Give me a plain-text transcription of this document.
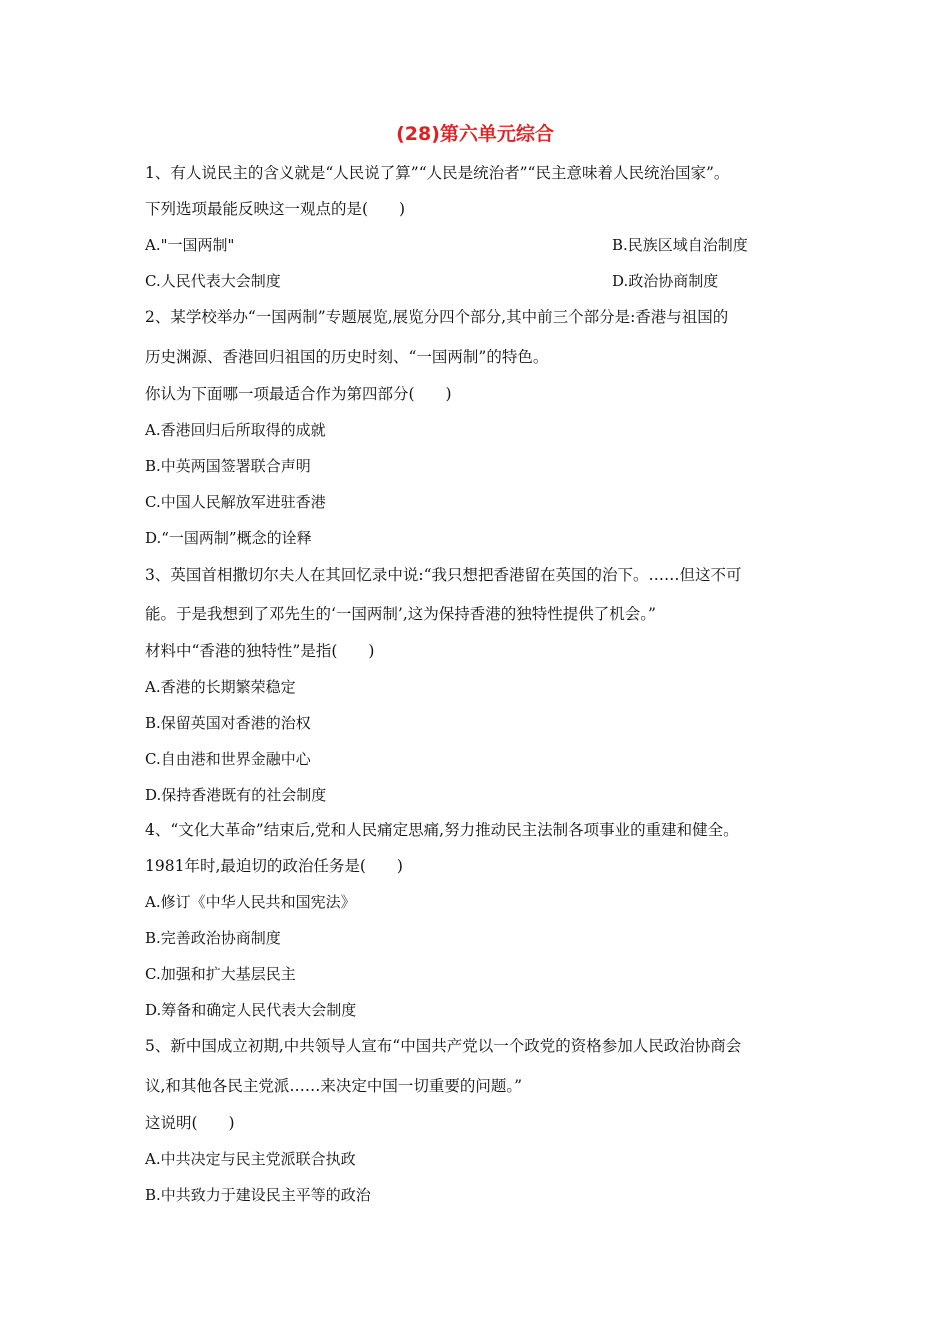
(28)第六单元综合
1、有人说民主的含义就是“人民说了算”“人民是统治者”“民主意味着人民统治国家”。
下列选项最能反映这一观点的是(　　)
A."一国两制"	B.民族区域自治制度
C.人民代表大会制度	D.政治协商制度
2、某学校举办“一国两制”专题展览,展览分四个部分,其中前三个部分是:香港与祖国的
历史渊源、香港回归祖国的历史时刻、“一国两制”的特色。
你认为下面哪一项最适合作为第四部分(　　)
A.香港回归后所取得的成就
B.中英两国签署联合声明
C.中国人民解放军进驻香港
D.“一国两制”概念的诠释
3、英国首相撒切尔夫人在其回忆录中说:“我只想把香港留在英国的治下。……但这不可
能。于是我想到了邓先生的‘一国两制’,这为保持香港的独特性提供了机会。”
材料中“香港的独特性”是指(　　)
A.香港的长期繁荣稳定
B.保留英国对香港的治权
C.自由港和世界金融中心
D.保持香港既有的社会制度
4、“文化大革命”结束后,党和人民痛定思痛,努力推动民主法制各项事业的重建和健全。
1981年时,最迫切的政治任务是(　　)
A.修订《中华人民共和国宪法》
B.完善政治协商制度
C.加强和扩大基层民主
D.筹备和确定人民代表大会制度
5、新中国成立初期,中共领导人宣布“中国共产党以一个政党的资格参加人民政治协商会
议,和其他各民主党派……来决定中国一切重要的问题。”
这说明(　　)
A.中共决定与民主党派联合执政
B.中共致力于建设民主平等的政治
